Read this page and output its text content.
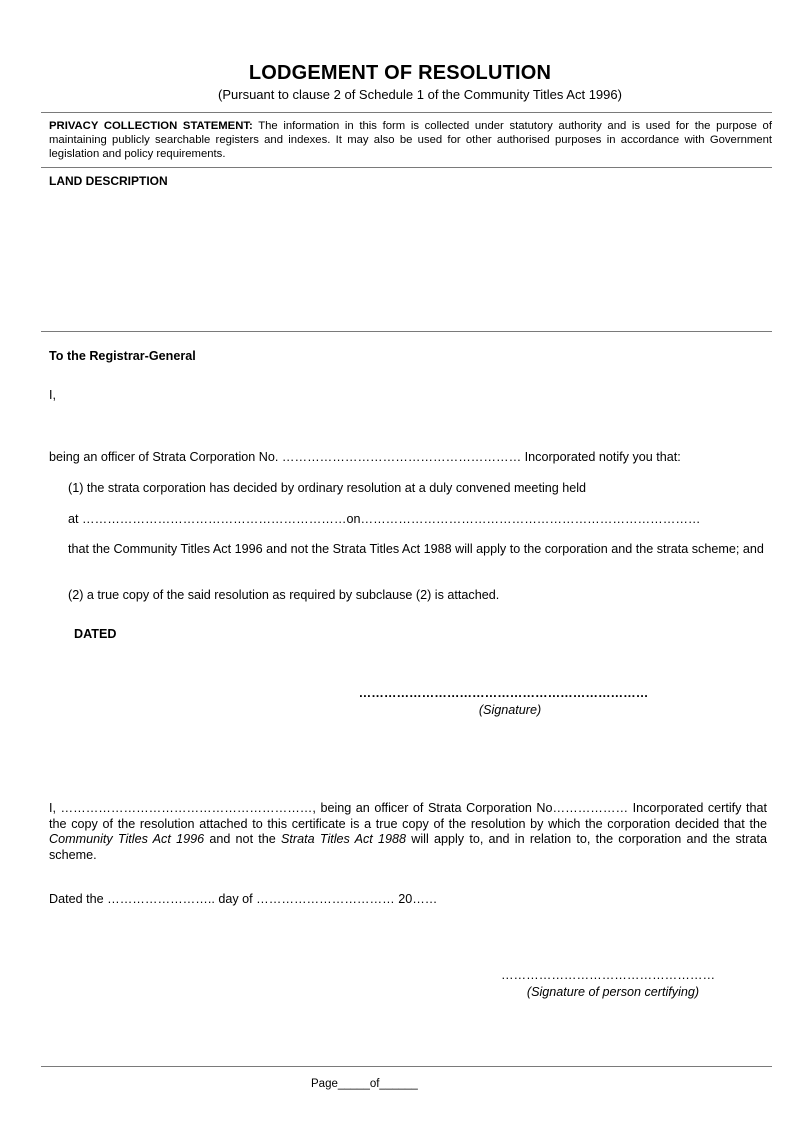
LODGEMENT OF RESOLUTION
(Pursuant to clause 2 of Schedule 1 of the Community Titles Act 1996)
PRIVACY COLLECTION STATEMENT: The information in this form is collected under statutory authority and is used for the purpose of maintaining publicly searchable registers and indexes. It may also be used for other authorised purposes in accordance with Government legislation and policy requirements.
LAND DESCRIPTION
To the Registrar-General
I,
being an officer of Strata Corporation No. ………………………………………………… Incorporated notify you that:
(1) the strata corporation has decided by ordinary resolution at a duly convened meeting held
at ………………………………………………………on………………………………………………………………………
that the Community Titles Act 1996 and not the Strata Titles Act 1988 will apply to the corporation and the strata scheme; and
(2) a true copy of the said resolution as required by subclause (2) is attached.
DATED
……………………………………………………………
(Signature)
I, ……………………………………………………, being an officer of Strata Corporation No……………… Incorporated certify that the copy of the resolution attached to this certificate is a true copy of the resolution by which the corporation decided that the Community Titles Act 1996 and not the Strata Titles Act 1988 will apply to, and in relation to, the corporation and the strata scheme.
Dated the …………………….. day of …………………………… 20……
……………………………………………
(Signature of person certifying)
Page_____of______
